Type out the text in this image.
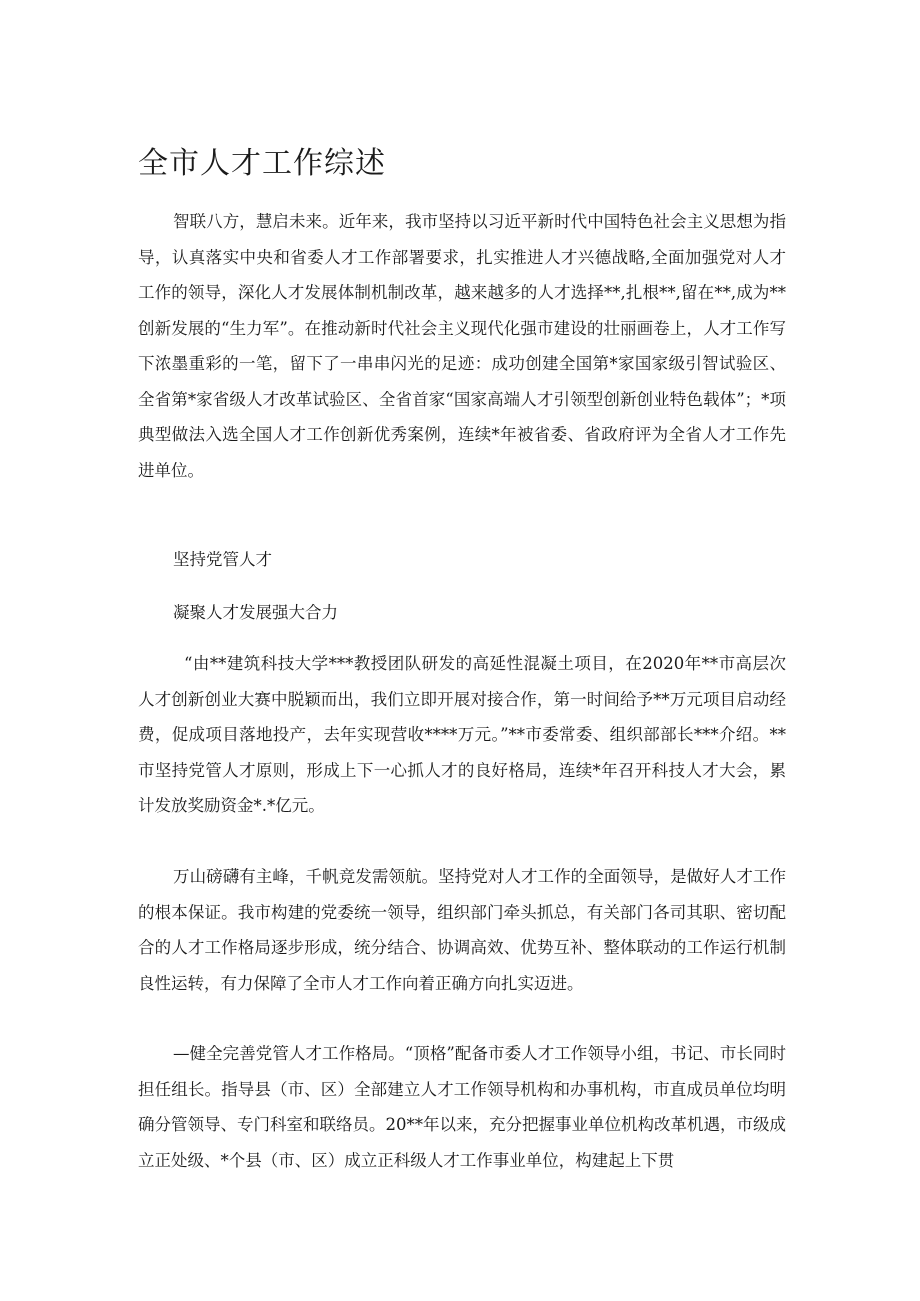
全市人才工作综述

智联八方，慧启未来。近年来，我市坚持以习近平新时代中国特色社会主义思想为指导，认真落实中央和省委人才工作部署要求，扎实推进人才兴德战略,全面加强党对人才工作的领导，深化人才发展体制机制改革，越来越多的人才选择**,扎根**,留在**,成为**创新发展的“生力军”。在推动新时代社会主义现代化强市建设的壮丽画卷上，人才工作写下浓墨重彩的一笔，留下了一串串闪光的足迹：成功创建全国第*家国家级引智试验区、全省第*家省级人才改革试验区、全省首家“国家高端人才引领型创新创业特色载体”；*项典型做法入选全国人才工作创新优秀案例，连续*年被省委、省政府评为全省人才工作先进单位。

坚持党管人才

凝聚人才发展强大合力

“由**建筑科技大学***教授团队研发的高延性混凝土项目，在2020年**市高层次人才创新创业大赛中脱颖而出，我们立即开展对接合作，第一时间给予**万元项目启动经费，促成项目落地投产，去年实现营收****万元。”**市委常委、组织部部长***介绍。**市坚持党管人才原则，形成上下一心抓人才的良好格局，连续*年召开科技人才大会，累计发放奖励资金*.*亿元。

万山磅礴有主峰，千帆竞发需领航。坚持党对人才工作的全面领导，是做好人才工作的根本保证。我市构建的党委统一领导，组织部门牵头抓总，有关部门各司其职、密切配合的人才工作格局逐步形成，统分结合、协调高效、优势互补、整体联动的工作运行机制良性运转，有力保障了全市人才工作向着正确方向扎实迈进。

—健全完善党管人才工作格局。“顶格”配备市委人才工作领导小组，书记、市长同时担任组长。指导县（市、区）全部建立人才工作领导机构和办事机构，市直成员单位均明确分管领导、专门科室和联络员。20**年以来，充分把握事业单位机构改革机遇，市级成立正处级、*个县（市、区）成立正科级人才工作事业单位，构建起上下贯
